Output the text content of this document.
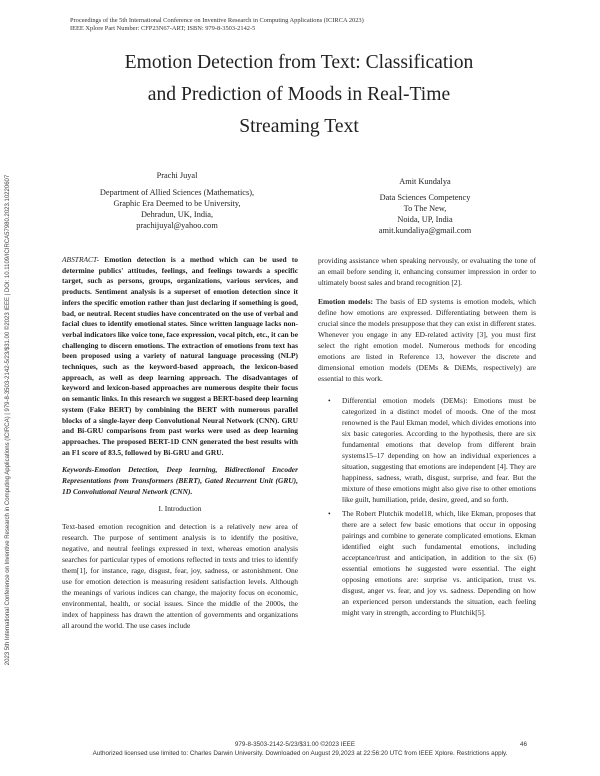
Proceedings of the 5th International Conference on Inventive Research in Computing Applications (ICIRCA 2023)
IEEE Xplore Part Number: CFP23N67-ART; ISBN: 979-8-3503-2142-5
2023 5th International Conference on Inventive Research in Computing Applications (ICIRCA) | 979-8-3503-2142-5/23/$31.00 ©2023 IEEE | DOI: 10.1109/ICIRCA57980.2023.10220607
Emotion Detection from Text: Classification
and Prediction of Moods in Real-Time
Streaming Text
Prachi Juyal
Department of Allied Sciences (Mathematics),
Graphic Era Deemed to be University,
Dehradun, UK, India,
prachijuyal@yahoo.com
Amit Kundalya
Data Sciences Competency
To The New,
Noida, UP, India
amit.kundaliya@gmail.com

ABSTRACT- Emotion detection is a method which can be used to determine publics' attitudes, feelings, and feelings towards a specific target, such as persons, groups, organizations, various services, and products. Sentiment analysis is a superset of emotion detection since it infers the specific emotion rather than just declaring if something is good, bad, or neutral. Recent studies have concentrated on the use of verbal and facial clues to identify emotional states. Since written language lacks non-verbal indicators like voice tone, face expression, vocal pitch, etc., it can be challenging to discern emotions. The extraction of emotions from text has been proposed using a variety of natural language processing (NLP) techniques, such as the keyword-based approach, the lexicon-based approach, as well as deep learning approach. The disadvantages of keyword and lexicon-based approaches are numerous despite their focus on semantic links. In this research we suggest a BERT-based deep learning system (Fake BERT) by combining the BERT with numerous parallel blocks of a single-layer deep Convolutional Neural Network (CNN). GRU and Bi-GRU comparisons from past works were used as deep learning approaches. The proposed BERT-1D CNN generated the best results with an F1 score of 83.5, followed by Bi-GRU and GRU.

Keywords-Emotion Detection, Deep learning, Bidirectional Encoder Representations from Transformers (BERT), Gated Recurrent Unit (GRU), 1D Convolutional Neural Network (CNN).

I. Introduction

Text-based emotion recognition and detection is a relatively new area of research. The purpose of sentiment analysis is to identify the positive, negative, and neutral feelings expressed in text, whereas emotion analysis searches for particular types of emotions reflected in texts and tries to identify them[1], for instance, rage, disgust, fear, joy, sadness, or astonishment. One use for emotion detection is measuring resident satisfaction levels. Although the meanings of various indices can change, the majority focus on economic, environmental, health, or social issues. Since the middle of the 2000s, the index of happiness has drawn the attention of governments and organizations all around the world. The use cases include

providing assistance when speaking nervously, or evaluating the tone of an email before sending it, enhancing consumer impression in order to ultimately boost sales and brand recognition [2].

Emotion models: The basis of ED systems is emotion models, which define how emotions are expressed. Differentiating between them is crucial since the models presuppose that they can exist in different states. Whenever you engage in any ED-related activity [3], you must first select the right emotion model. Numerous methods for encoding emotions are listed in Reference 13, however the discrete and dimensional emotion models (DEMs & DiEMs, respectively) are essential to this work.

• Differential emotion models (DEMs): Emotions must be categorized in a distinct model of moods. One of the most renowned is the Paul Ekman model, which divides emotions into six basic categories. According to the hypothesis, there are six fundamental emotions that develop from different brain systems15–17 depending on how an individual experiences a situation, suggesting that emotions are independent [4]. They are happiness, sadness, wrath, disgust, surprise, and fear. But the mixture of these emotions might also give rise to other emotions like guilt, humiliation, pride, desire, greed, and so forth.
• The Robert Plutchik model18, which, like Ekman, proposes that there are a select few basic emotions that occur in opposing pairings and combine to generate complicated emotions. Ekman identified eight such fundamental emotions, including acceptance/trust and anticipation, in addition to the six (6) essential emotions he suggested were essential. The eight opposing emotions are: surprise vs. anticipation, trust vs. disgust, anger vs. fear, and joy vs. sadness. Depending on how an experienced person understands the situation, each feeling might vary in strength, according to Plutchik[5].
979-8-3503-2142-5/23/$31.00 ©2023 IEEE	46
Authorized licensed use limited to: Charles Darwin University. Downloaded on August 29,2023 at 22:56:20 UTC from IEEE Xplore. Restrictions apply.
